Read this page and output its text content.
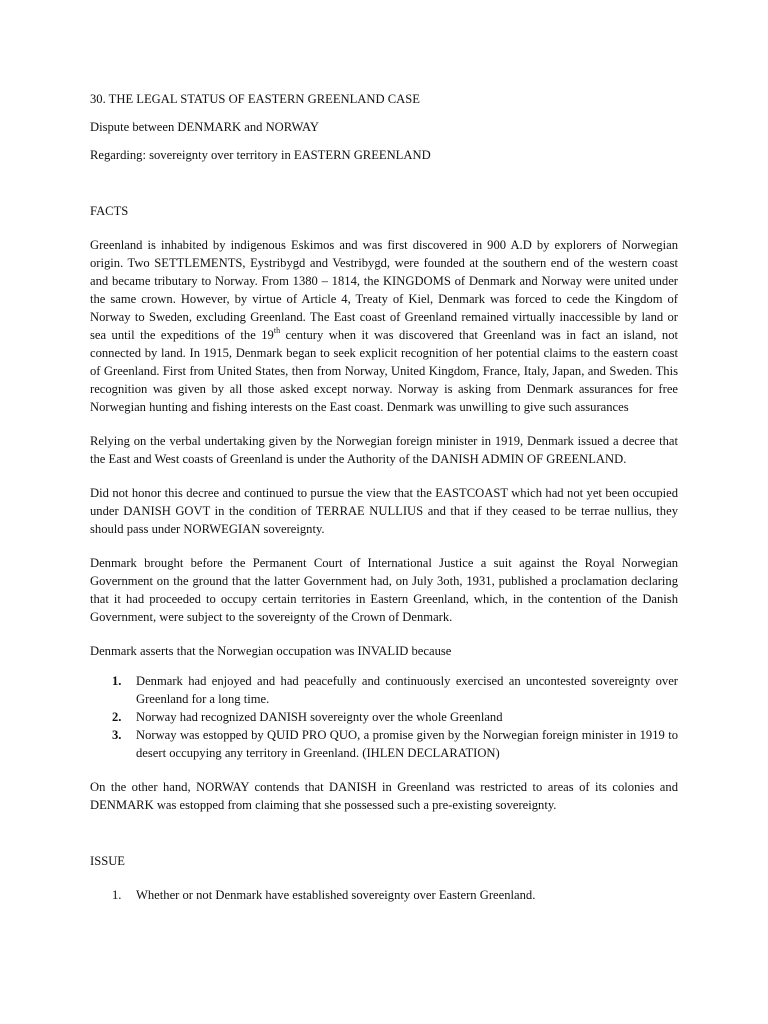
30. THE LEGAL STATUS OF EASTERN GREENLAND CASE

Dispute between DENMARK and NORWAY

Regarding: sovereignty over territory in EASTERN GREENLAND

FACTS

Greenland is inhabited by indigenous Eskimos and was first discovered in 900 A.D by explorers of Norwegian origin. Two SETTLEMENTS, Eystribygd and Vestribygd, were founded at the southern end of the western coast and became tributary to Norway. From 1380 – 1814, the KINGDOMS of Denmark and Norway were united under the same crown. However, by virtue of Article 4, Treaty of Kiel, Denmark was forced to cede the Kingdom of Norway to Sweden, excluding Greenland. The East coast of Greenland remained virtually inaccessible by land or sea until the expeditions of the 19th century when it was discovered that Greenland was in fact an island, not connected by land. In 1915, Denmark began to seek explicit recognition of her potential claims to the eastern coast of Greenland. First from United States, then from Norway, United Kingdom, France, Italy, Japan, and Sweden. This recognition was given by all those asked except norway. Norway is asking from Denmark assurances for free Norwegian hunting and fishing interests on the East coast. Denmark was unwilling to give such assurances

Relying on the verbal undertaking given by the Norwegian foreign minister in 1919, Denmark issued a decree that the East and West coasts of Greenland is under the Authority of the DANISH ADMIN OF GREENLAND.

Did not honor this decree and continued to pursue the view that the EASTCOAST which had not yet been occupied under DANISH GOVT in the condition of TERRAE NULLIUS and that if they ceased to be terrae nullius, they should pass under NORWEGIAN sovereignty.

Denmark brought before the Permanent Court of International Justice a suit against the Royal Norwegian Government on the ground that the latter Government had, on July 3oth, 1931, published a proclamation declaring that it had proceeded to occupy certain territories in Eastern Greenland, which, in the contention of the Danish Government, were subject to the sovereignty of the Crown of Denmark.

Denmark asserts that the Norwegian occupation was INVALID because

1. Denmark had enjoyed and had peacefully and continuously exercised an uncontested sovereignty over Greenland for a long time.
2. Norway had recognized DANISH sovereignty over the whole Greenland
3. Norway was estopped by QUID PRO QUO, a promise given by the Norwegian foreign minister in 1919 to desert occupying any territory in Greenland. (IHLEN DECLARATION)

On the other hand, NORWAY contends that DANISH in Greenland was restricted to areas of its colonies and DENMARK was estopped from claiming that she possessed such a pre-existing sovereignty.

ISSUE

1. Whether or not Denmark have established sovereignty over Eastern Greenland.
